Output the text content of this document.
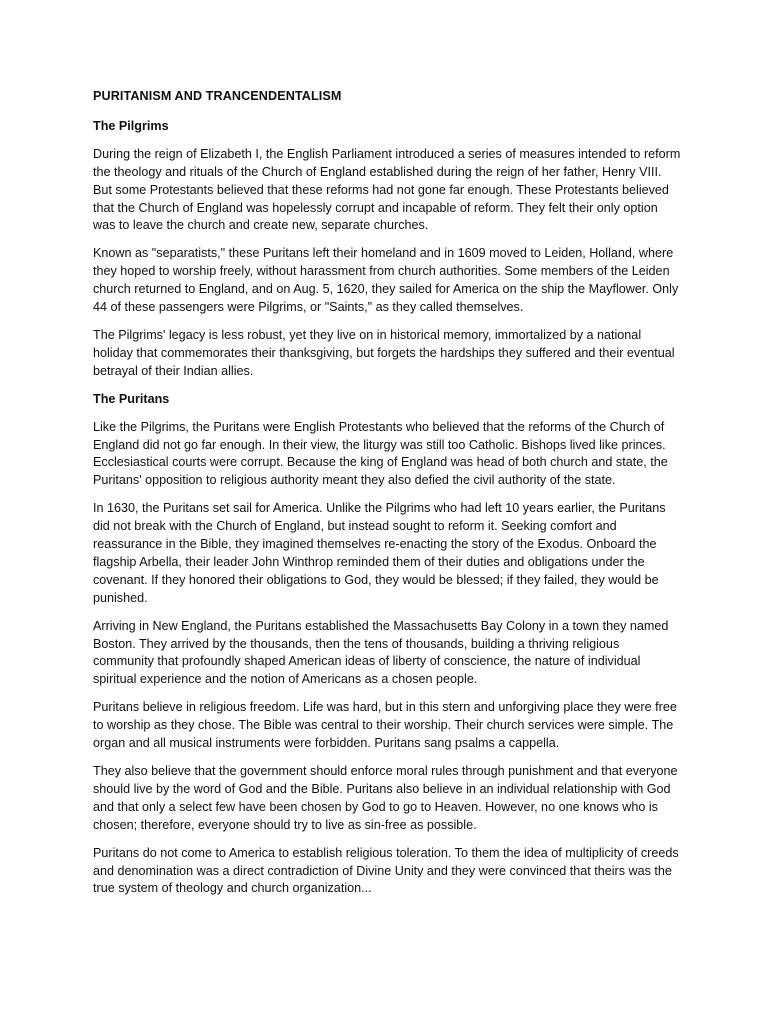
PURITANISM AND TRANCENDENTALISM
The Pilgrims

During the reign of Elizabeth I, the English Parliament introduced a series of measures intended to reform the theology and rituals of the Church of England established during the reign of her father, Henry VIII. But some Protestants believed that these reforms had not gone far enough. These Protestants believed that the Church of England was hopelessly corrupt and incapable of reform. They felt their only option was to leave the church and create new, separate churches.

Known as "separatists," these Puritans left their homeland and in 1609 moved to Leiden, Holland, where they hoped to worship freely, without harassment from church authorities. Some members of the Leiden church returned to England, and on Aug. 5, 1620, they sailed for America on the ship the Mayflower. Only 44 of these passengers were Pilgrims, or "Saints," as they called themselves.

The Pilgrims' legacy is less robust, yet they live on in historical memory, immortalized by a national holiday that commemorates their thanksgiving, but forgets the hardships they suffered and their eventual betrayal of their Indian allies.

The Puritans

Like the Pilgrims, the Puritans were English Protestants who believed that the reforms of the Church of England did not go far enough. In their view, the liturgy was still too Catholic. Bishops lived like princes. Ecclesiastical courts were corrupt. Because the king of England was head of both church and state, the Puritans' opposition to religious authority meant they also defied the civil authority of the state.

In 1630, the Puritans set sail for America. Unlike the Pilgrims who had left 10 years earlier, the Puritans did not break with the Church of England, but instead sought to reform it. Seeking comfort and reassurance in the Bible, they imagined themselves re-enacting the story of the Exodus. Onboard the flagship Arbella, their leader John Winthrop reminded them of their duties and obligations under the covenant. If they honored their obligations to God, they would be blessed; if they failed, they would be punished.

Arriving in New England, the Puritans established the Massachusetts Bay Colony in a town they named Boston. They arrived by the thousands, then the tens of thousands, building a thriving religious community that profoundly shaped American ideas of liberty of conscience, the nature of individual spiritual experience and the notion of Americans as a chosen people.

Puritans believe in religious freedom. Life was hard, but in this stern and unforgiving place they were free to worship as they chose. The Bible was central to their worship. Their church services were simple. The organ and all musical instruments were forbidden. Puritans sang psalms a cappella.

They also believe that the government should enforce moral rules through punishment and that everyone should live by the word of God and the Bible. Puritans also believe in an individual relationship with God and that only a select few have been chosen by God to go to Heaven. However, no one knows who is chosen; therefore, everyone should try to live as sin-free as possible.

Puritans do not come to America to establish religious toleration. To them the idea of multiplicity of creeds and denomination was a direct contradiction of Divine Unity and they were convinced that theirs was the true system of theology and church organization...
